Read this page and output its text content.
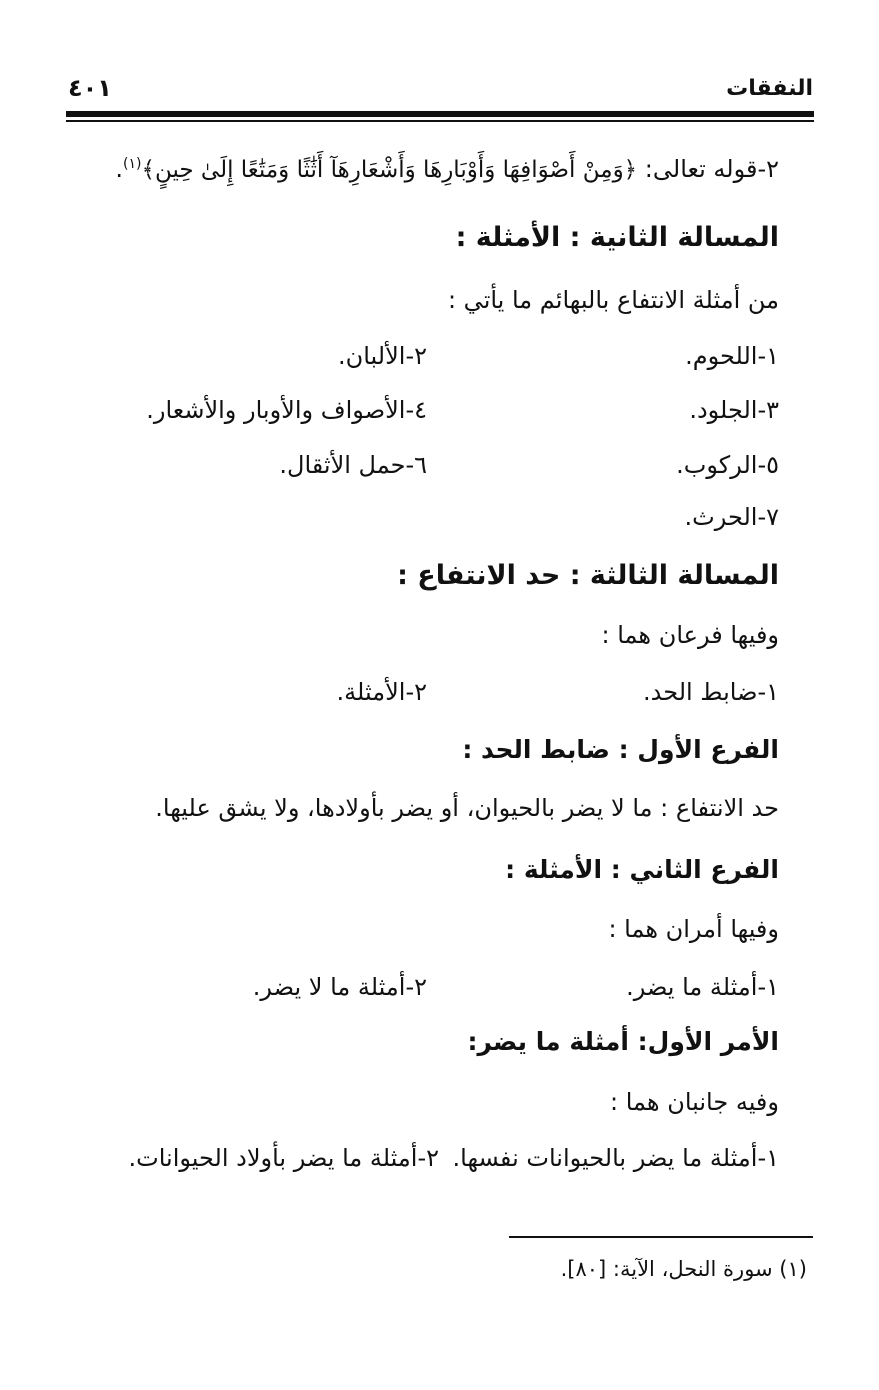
النفقات
٤٠١
٢-قوله تعالى: ﴿وَمِنْ أَصْوَافِهَا وَأَوْبَارِهَا وَأَشْعَارِهَآ أَثَٰثًا وَمَتَٰعًا إِلَىٰ حِينٍ﴾$^{(١)}$.
المسالة الثانية : الأمثلة :
من أمثلة الانتفاع بالبهائم ما يأتي :
١-اللحوم.
٢-الألبان.
٣-الجلود.
٤-الأصواف والأوبار والأشعار.
٥-الركوب.
٦-حمل الأثقال.
٧-الحرث.
المسالة الثالثة : حد الانتفاع :
وفيها فرعان هما :
١-ضابط الحد.
٢-الأمثلة.
الفرع الأول : ضابط الحد :
حد الانتفاع : ما لا يضر بالحيوان، أو يضر بأولادها، ولا يشق عليها.
الفرع الثاني : الأمثلة :
وفيها أمران هما :
١-أمثلة ما يضر.
٢-أمثلة ما لا يضر.
الأمر الأول: أمثلة ما يضر:
وفيه جانبان هما :
١-أمثلة ما يضر بالحيوانات نفسها.
٢-أمثلة ما يضر بأولاد الحيوانات.
(١) سورة النحل، الآية: [٨٠].
